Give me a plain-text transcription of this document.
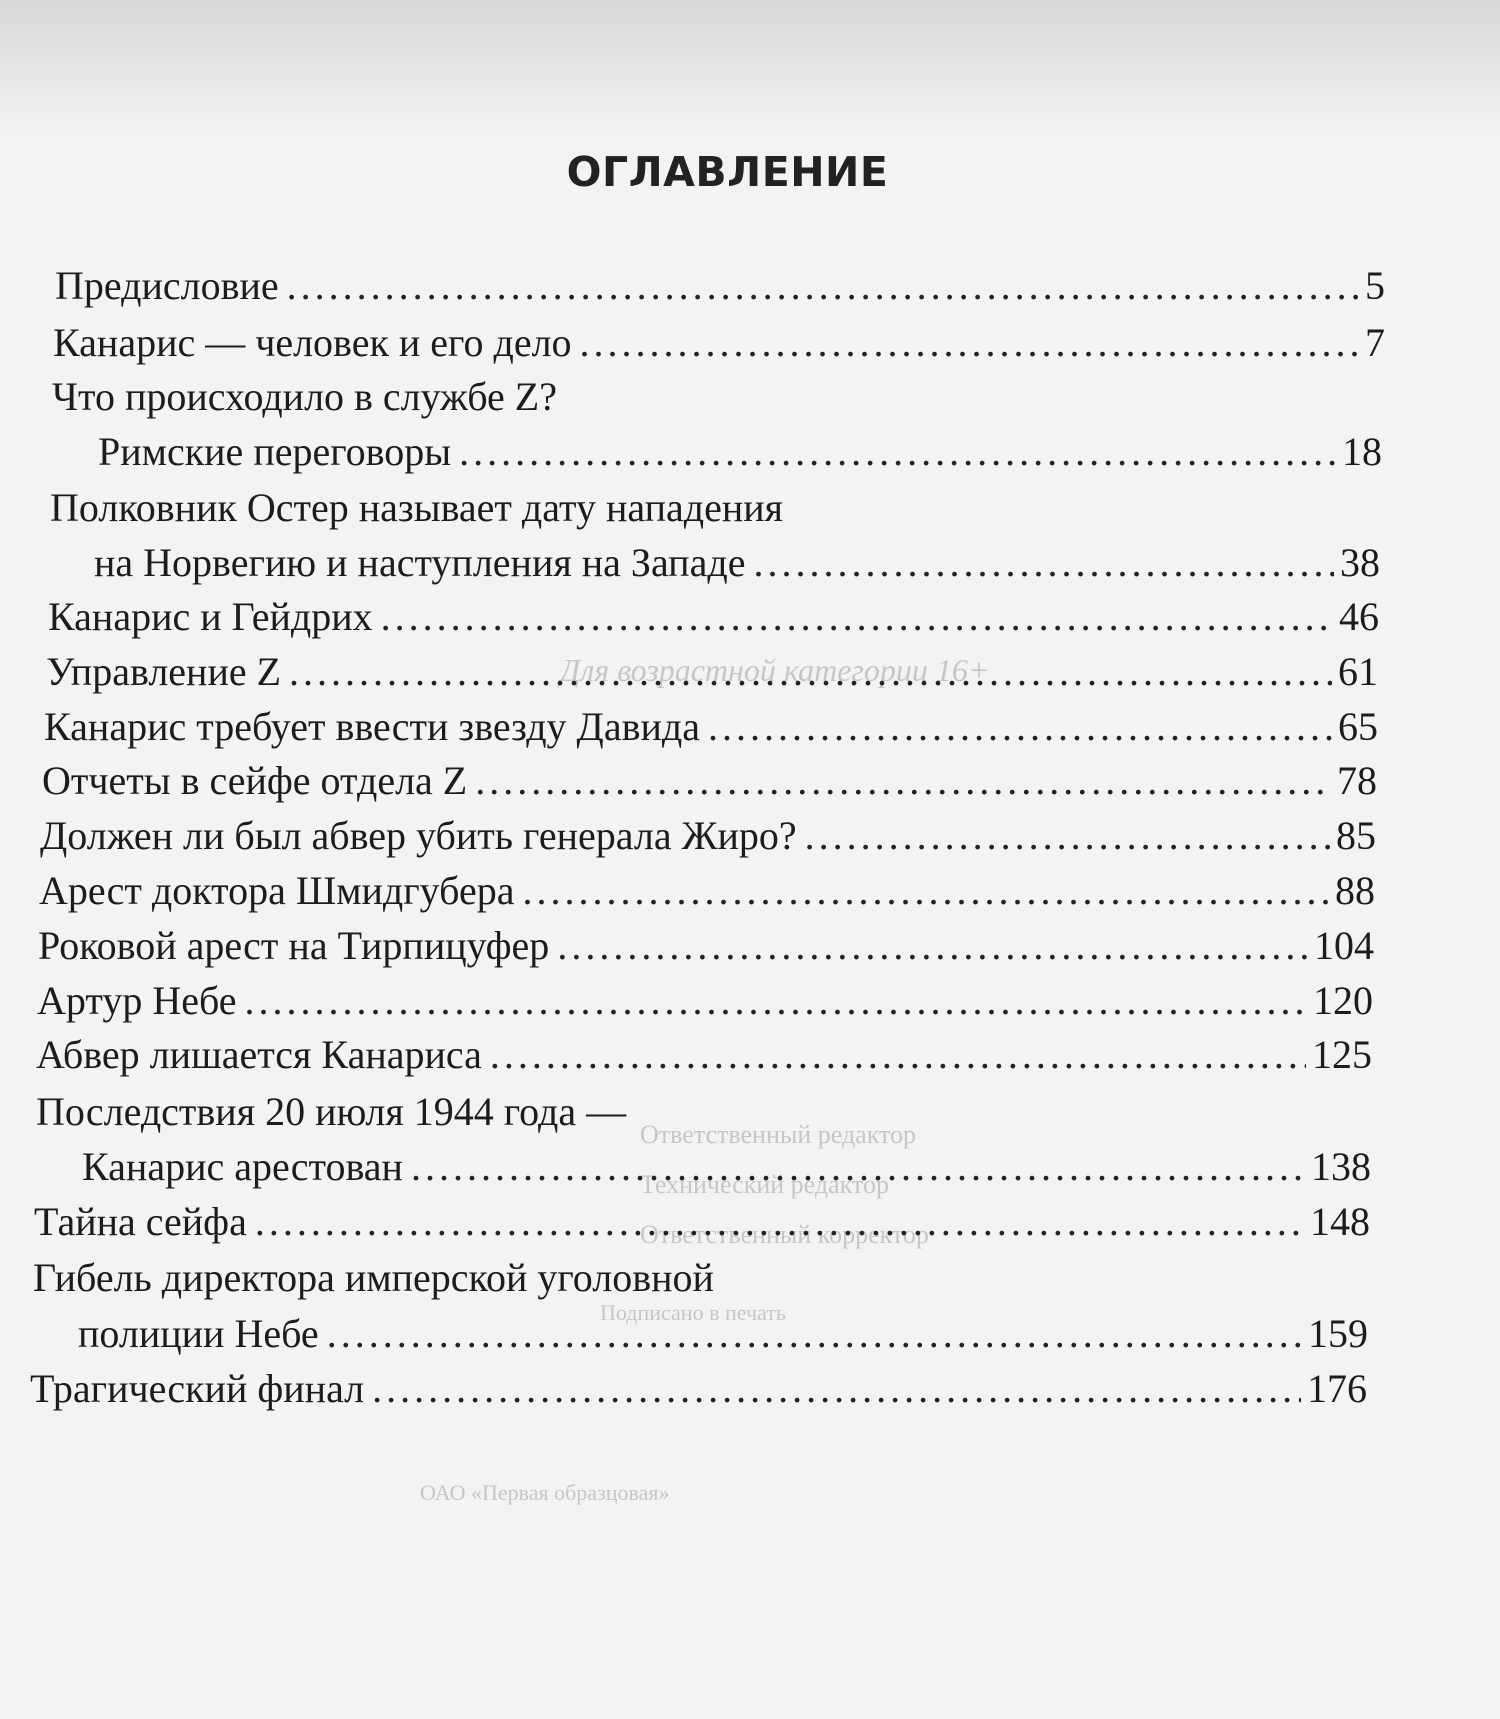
Для возрастной категории 16+
Ответственный редактор
Технический редактор
Ответственный корректор
Подписано в печать
ОАО «Первая образцовая»
ОГЛАВЛЕНИЕ
Предисловие .....	5
Канарис — человек и его дело .....	7
Что происходило в службе Z?
Римские переговоры .....	18
Полковник Остер называет дату нападения
на Норвегию и наступления на Западе .....	38
Канарис и Гейдрих .....	46
Управление Z .....	61
Канарис требует ввести звезду Давида .....	65
Отчеты в сейфе отдела Z .....	78
Должен ли был абвер убить генерала Жиро? .....	85
Арест доктора Шмидгубера .....	88
Роковой арест на Тирпицуфер .....	104
Артур Небе .....	120
Абвер лишается Канариса .....	125
Последствия 20 июля 1944 года —
Канарис арестован .....	138
Тайна сейфа .....	148
Гибель директора имперской уголовной
полиции Небе .....	159
Трагический финал .....	176
